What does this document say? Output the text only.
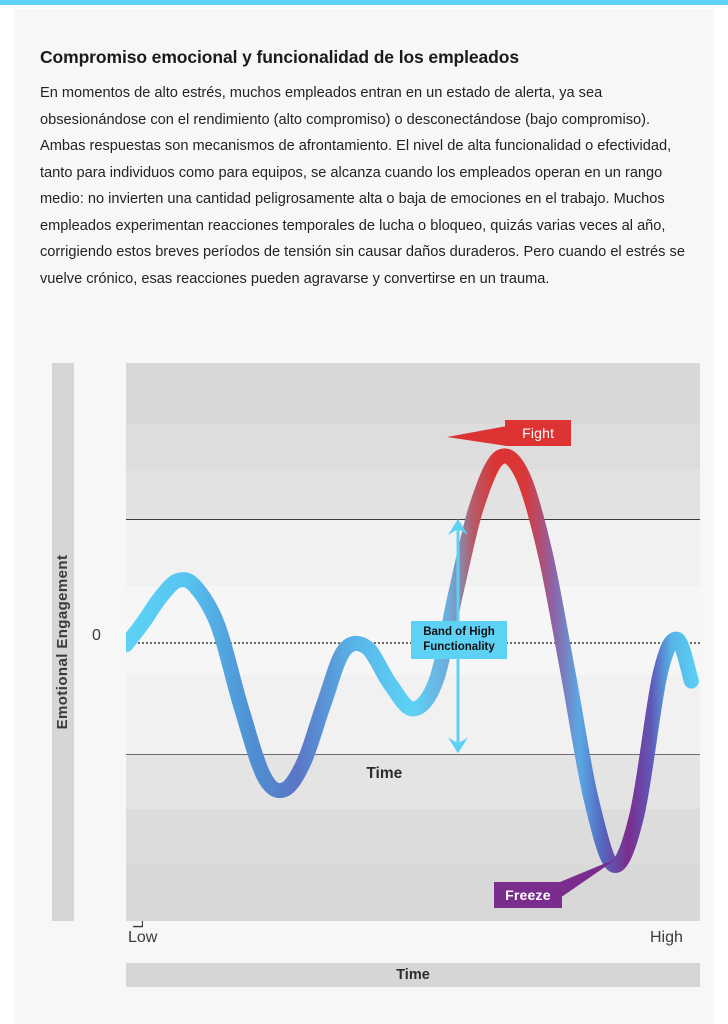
Compromiso emocional y funcionalidad de los empleados
En momentos de alto estrés, muchos empleados entran en un estado de alerta, ya sea obsesionándose con el rendimiento (alto compromiso) o desconectándose (bajo compromiso). Ambas respuestas son mecanismos de afrontamiento. El nivel de alta funcionalidad o efectividad, tanto para individuos como para equipos, se alcanza cuando los empleados operan en un rango medio: no invierten una cantidad peligrosamente alta o baja de emociones en el trabajo. Muchos empleados experimentan reacciones temporales de lucha o bloqueo, quizás varias veces al año, corrigiendo estos breves períodos de tensión sin causar daños duraderos. Pero cuando el estrés se vuelve crónico, esas reacciones pueden agravarse y convertirse en un trauma.
Emotional Engagement 0	Band of High
Functionality
Fight
Freeze
Time
Low	High
Time
